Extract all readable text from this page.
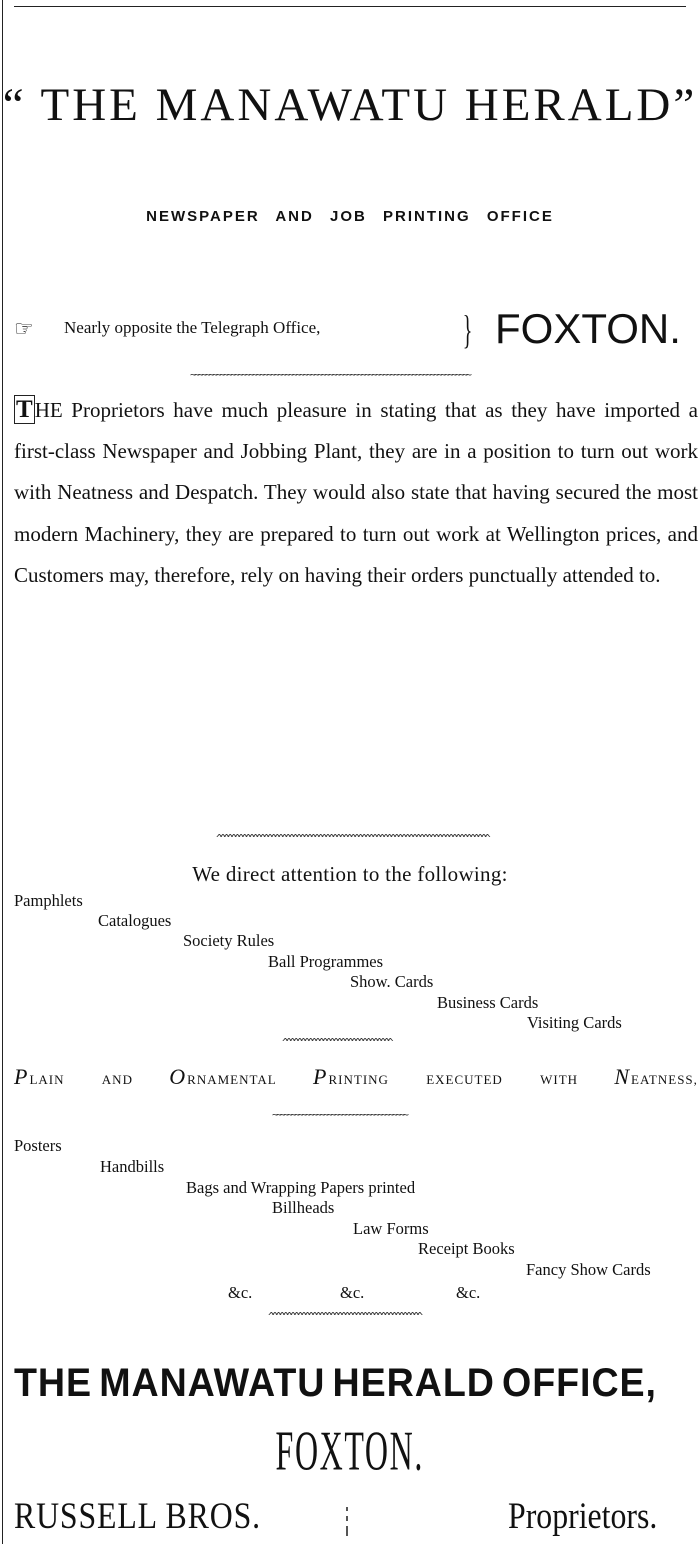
“ THE MANAWATU HERALD”
NEWSPAPER AND JOB PRINTING OFFICE
☞ Nearly opposite the Telegraph Office,	} FOXTON.
~~~~~~~~~~~~~~~~~~~~~~~~~~~~~~~~~~~~~~~~~~~~~~~~~~~~~~~~~~~~~~~~~~~~~~~~~~~~~

THE Proprietors have much pleasure in stating that as they have imported a first-class Newspaper and Jobbing Plant, they are in a position to turn out work with Neatness and Despatch. They would also state that having secured the most modern Machinery, they are prepared to turn out work at Wellington prices, and Customers may, therefore, rely on having their orders punctually attended to.

^^^^^^^^^^^^^^^^^^^^^^^^^^^^^^^^^^^^^^^^^^^^^^^^^^^^^^^^^^^^^^^^^^^^^^^^^^^
We direct attention to the following:
Pamphlets
Catalogues
Society Rules
Ball Programmes
Show. Cards
Business Cards
Visiting Cards
^^^^^^^^^^^^^^^^^^^^^^^^^^^^^^
PLAIN	AND ORNAMENTAL PRINTING	EXECUTED	WITH NEATNESS,
~~~~~~~~~~~~~~~~~~~~~~~~~~~~~~~~~~~~~
Posters
Handbills
Bags and Wrapping Papers printed
Billheads
Law Forms
Receipt Books
Fancy Show Cards
&c.	&c.	&c.
^^^^^^^^^^^^^^^^^^^^^^^^^^^^^^^^^^^^^^^^^^
THE MANAWATU HERALD OFFICE,
FOXTON.
RUSSELL BROS.	Proprietors.
